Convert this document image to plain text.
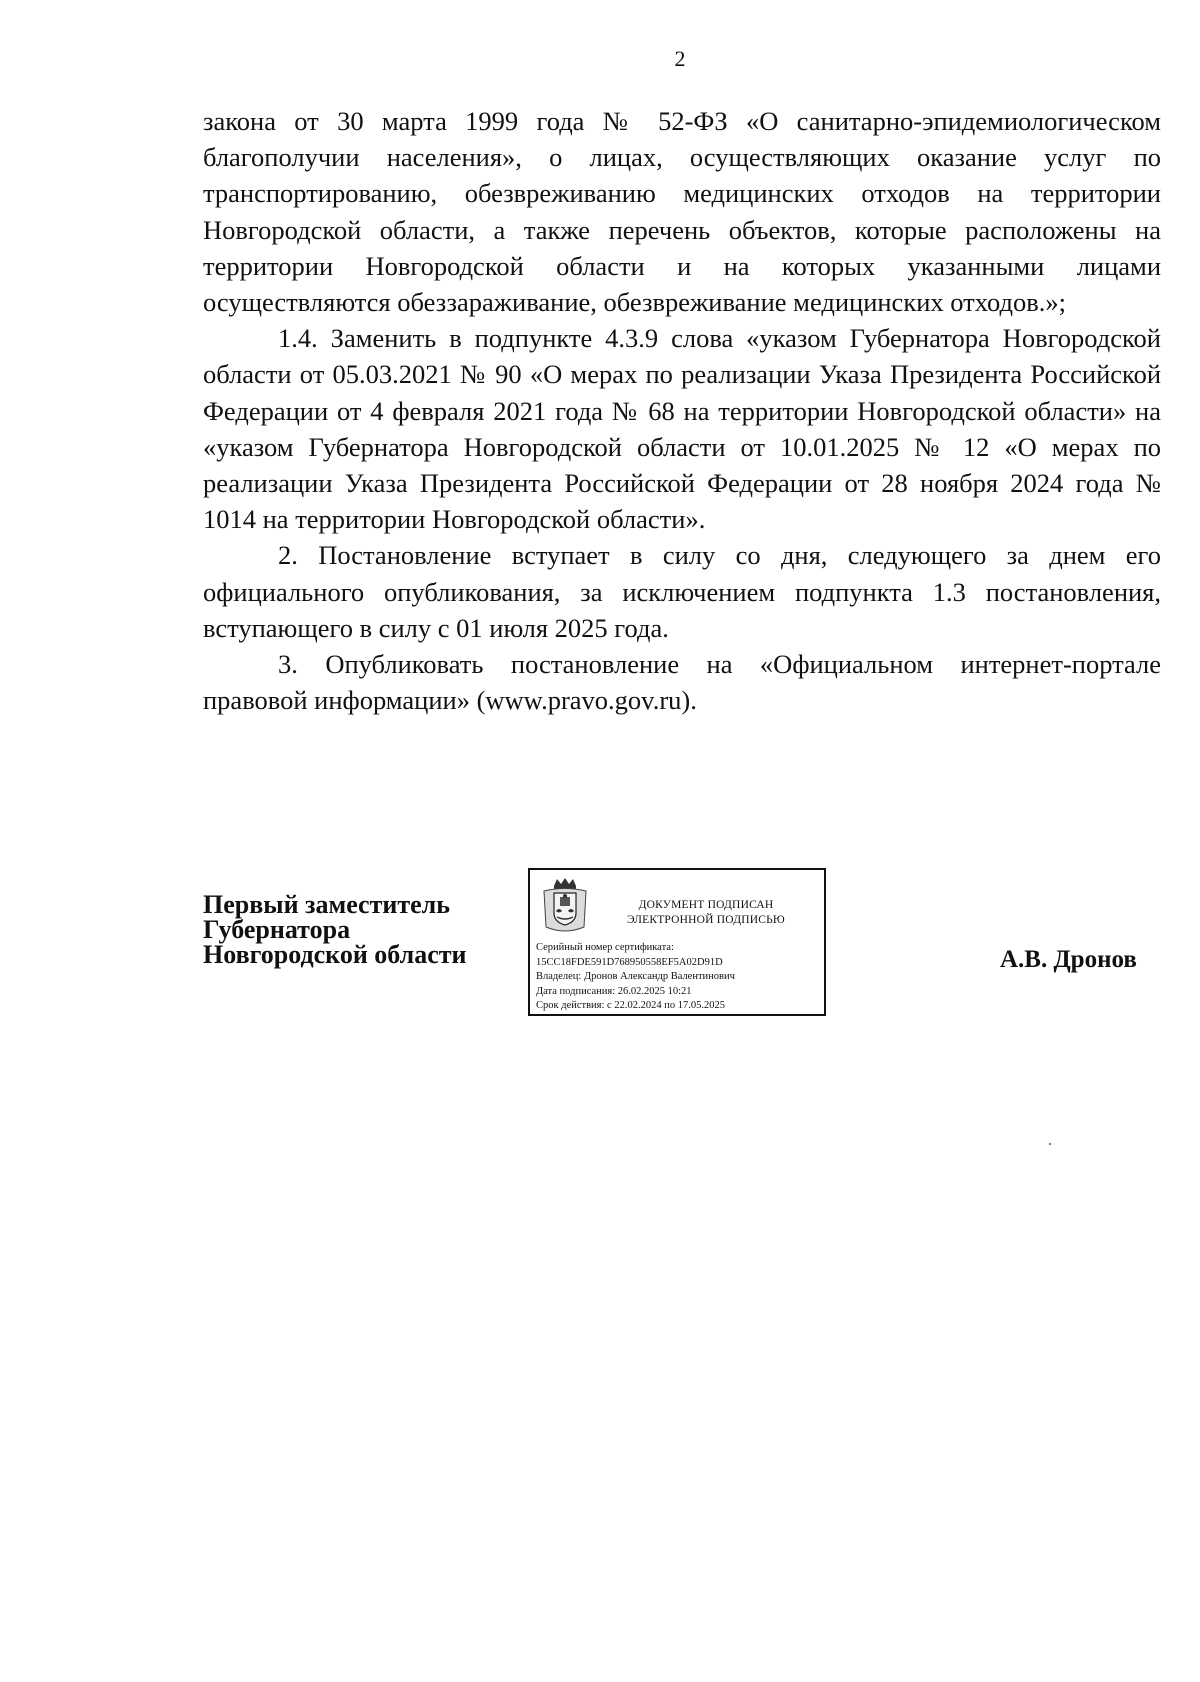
2

закона от 30 марта 1999 года № 52-ФЗ «О санитарно-эпидемиологическом благополучии населения», о лицах, осуществляющих оказание услуг по транспортированию, обезвреживанию медицинских отходов на территории Новгородской области, а также перечень объектов, которые расположены на территории Новгородской области и на которых указанными лицами осуществляются обеззараживание, обезвреживание медицинских отходов.»;

1.4. Заменить в подпункте 4.3.9 слова «указом Губернатора Новгородской области от 05.03.2021 № 90 «О мерах по реализации Указа Президента Российской Федерации от 4 февраля 2021 года № 68 на территории Новгородской области» на «указом Губернатора Новгородской области от 10.01.2025 № 12 «О мерах по реализации Указа Президента Российской Федерации от 28 ноября 2024 года № 1014 на территории Новгородской области».

2. Постановление вступает в силу со дня, следующего за днем его официального опубликования, за исключением подпункта 1.3 постановления, вступающего в силу с 01 июля 2025 года.

3. Опубликовать постановление на «Официальном интернет-портале правовой информации» (www.pravo.gov.ru).

Первый заместитель
Губернатора
Новгородской области
ДОКУМЕНТ ПОДПИСАН
ЭЛЕКТРОННОЙ ПОДПИСЬЮ
Серийный номер сертификата:
15CC18FDE591D768950558EF5A02D91D
Владелец: Дронов Александр Валентинович
Дата подписания: 26.02.2025 10:21
Срок действия: с 22.02.2024 по 17.05.2025
А.В. Дронов
